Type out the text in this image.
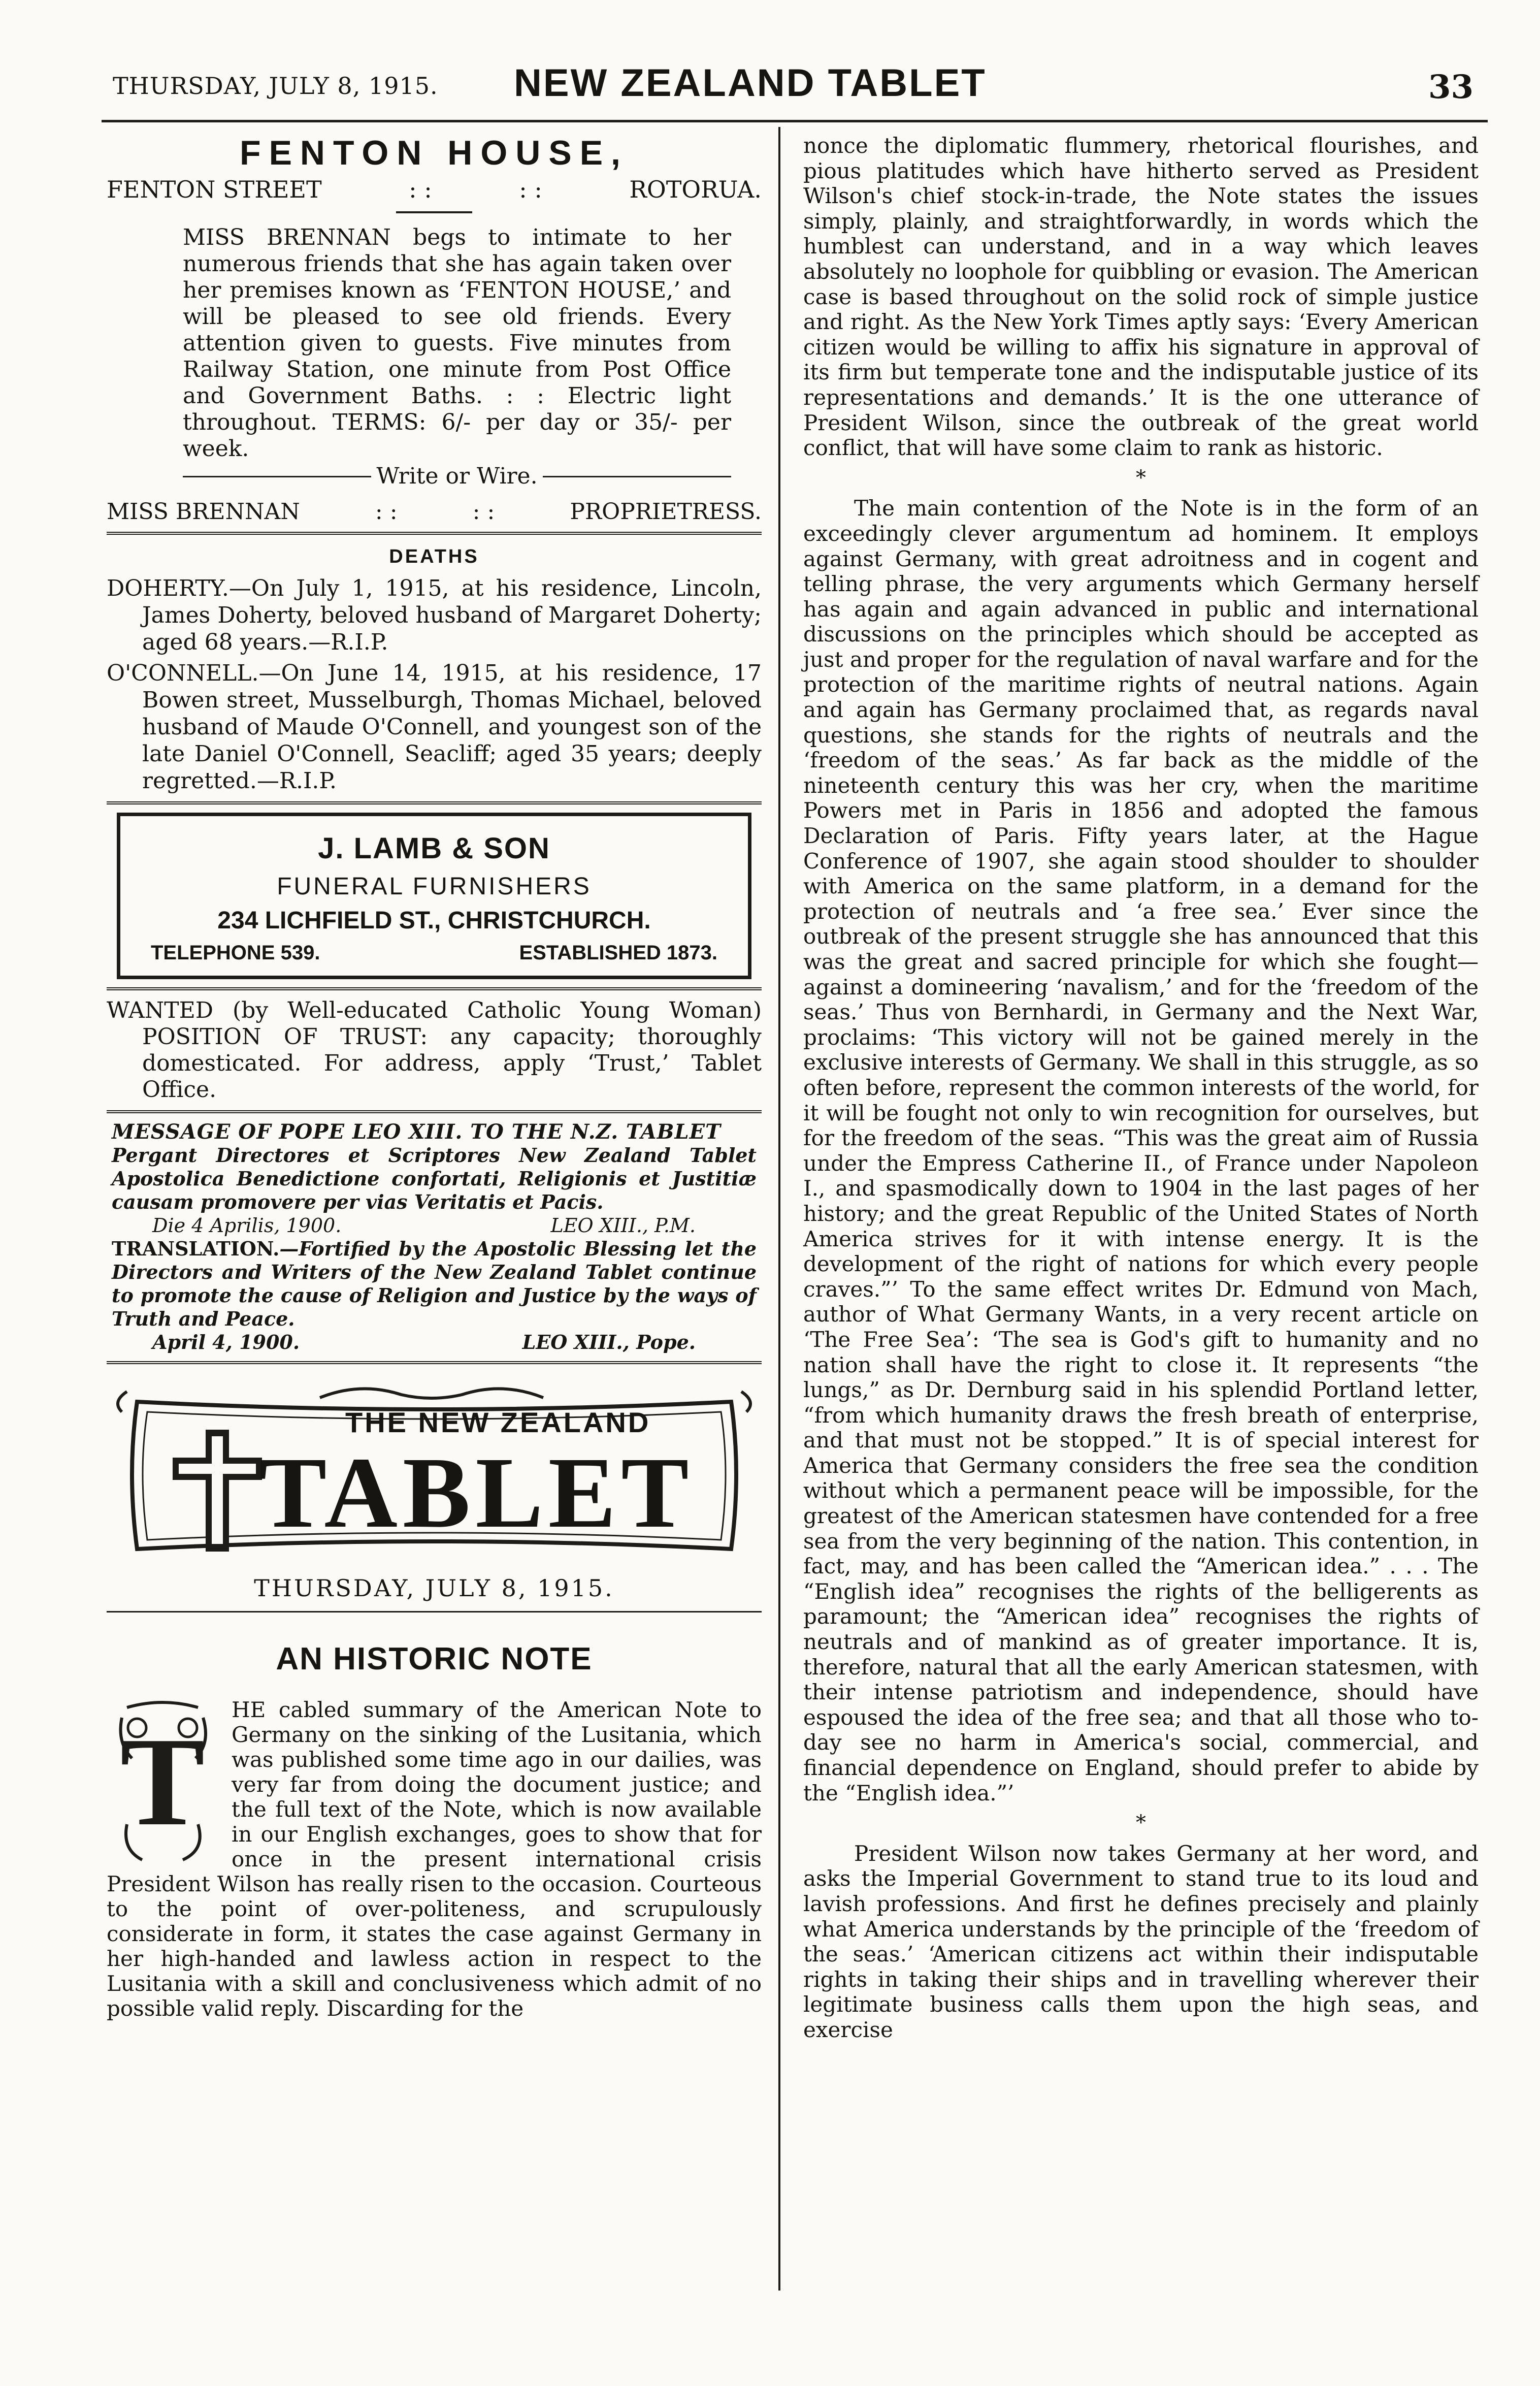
THURSDAY, JULY 8, 1915. NEW ZEALAND TABLET	33
FENTON HOUSE,
FENTON STREET	: :	: :	ROTORUA.

MISS BRENNAN begs to intimate to her numerous friends that she has again taken over her premises known as ‘FENTON HOUSE,’ and will be pleased to see old friends. Every attention given to guests. Five minutes from Railway Station, one minute from Post Office and Government Baths. : : Electric light throughout. TERMS: 6/- per day or 35/- per week.

Write or Wire.
MISS BRENNAN	: :	: :	PROPRIETRESS.
DEATHS

DOHERTY.—On July 1, 1915, at his residence, Lincoln, James Doherty, beloved husband of Margaret Doherty; aged 68 years.—R.I.P.

O'CONNELL.—On June 14, 1915, at his residence, 17 Bowen street, Musselburgh, Thomas Michael, beloved husband of Maude O'Connell, and youngest son of the late Daniel O'Connell, Seacliff; aged 35 years; deeply regretted.—R.I.P.

J. LAMB & SON
FUNERAL FURNISHERS
234 LICHFIELD ST., CHRISTCHURCH.
TELEPHONE 539.	ESTABLISHED 1873.

WANTED (by Well-educated Catholic Young Woman) POSITION OF TRUST: any capacity; thoroughly domesticated. For address, apply ‘Trust,’ Tablet Office.

MESSAGE OF POPE LEO XIII. TO THE N.Z. TABLET

Pergant Directores et Scriptores New Zealand Tablet Apostolica Benedictione confortati, Religionis et Justitiæ causam promovere per vias Veritatis et Pacis.

Die 4 Aprilis, 1900.	LEO XIII., P.M.

TRANSLATION.—Fortified by the Apostolic Blessing let the Directors and Writers of the New Zealand Tablet continue to promote the cause of Religion and Justice by the ways of Truth and Peace.

April 4, 1900.	LEO XIII., Pope.
THE NEW ZEALAND
TABLET
THURSDAY, JULY 8, 1915.
AN HISTORIC NOTE
T

HE cabled summary of the American Note to Germany on the sinking of the Lusitania, which was published some time ago in our dailies, was very far from doing the document justice; and the full text of the Note, which is now available in our English exchanges, goes to show that for once in the present international crisis President Wilson has really risen to the occasion. Courteous to the point of over-politeness, and scrupulously considerate in form, it states the case against Germany in her high-handed and lawless action in respect to the Lusitania with a skill and conclusiveness which admit of no possible valid reply. Discarding for the

nonce the diplomatic flummery, rhetorical flourishes, and pious platitudes which have hitherto served as President Wilson's chief stock-in-trade, the Note states the issues simply, plainly, and straightforwardly, in words which the humblest can understand, and in a way which leaves absolutely no loophole for quibbling or evasion. The American case is based throughout on the solid rock of simple justice and right. As the New York Times aptly says: ‘Every American citizen would be willing to affix his signature in approval of its firm but temperate tone and the indisputable justice of its representations and demands.’ It is the one utterance of President Wilson, since the outbreak of the great world conflict, that will have some claim to rank as historic.

*

The main contention of the Note is in the form of an exceedingly clever argumentum ad hominem. It employs against Germany, with great adroitness and in cogent and telling phrase, the very arguments which Germany herself has again and again advanced in public and international discussions on the principles which should be accepted as just and proper for the regulation of naval warfare and for the protection of the maritime rights of neutral nations. Again and again has Germany proclaimed that, as regards naval questions, she stands for the rights of neutrals and the ‘freedom of the seas.’ As far back as the middle of the nineteenth century this was her cry, when the maritime Powers met in Paris in 1856 and adopted the famous Declaration of Paris. Fifty years later, at the Hague Conference of 1907, she again stood shoulder to shoulder with America on the same platform, in a demand for the protection of neutrals and ‘a free sea.’ Ever since the outbreak of the present struggle she has announced that this was the great and sacred principle for which she fought—against a domineering ‘navalism,’ and for the ‘freedom of the seas.’ Thus von Bernhardi, in Germany and the Next War, proclaims: ‘This victory will not be gained merely in the exclusive interests of Germany. We shall in this struggle, as so often before, represent the common interests of the world, for it will be fought not only to win recognition for ourselves, but for the freedom of the seas. “This was the great aim of Russia under the Empress Catherine II., of France under Napoleon I., and spasmodically down to 1904 in the last pages of her history; and the great Republic of the United States of North America strives for it with intense energy. It is the development of the right of nations for which every people craves.”’ To the same effect writes Dr. Edmund von Mach, author of What Germany Wants, in a very recent article on ‘The Free Sea’: ‘The sea is God's gift to humanity and no nation shall have the right to close it. It represents “the lungs,” as Dr. Dernburg said in his splendid Portland letter, “from which humanity draws the fresh breath of enterprise, and that must not be stopped.” It is of special interest for America that Germany considers the free sea the condition without which a permanent peace will be impossible, for the greatest of the American statesmen have contended for a free sea from the very beginning of the nation. This contention, in fact, may, and has been called the “American idea.” . . . The “English idea” recognises the rights of the belligerents as paramount; the “American idea” recognises the rights of neutrals and of mankind as of greater importance. It is, therefore, natural that all the early American statesmen, with their intense patriotism and independence, should have espoused the idea of the free sea; and that all those who to-day see no harm in America's social, commercial, and financial dependence on England, should prefer to abide by the “English idea.”’

*

President Wilson now takes Germany at her word, and asks the Imperial Government to stand true to its loud and lavish professions. And first he defines precisely and plainly what America understands by the principle of the ‘freedom of the seas.’ ‘American citizens act within their indisputable rights in taking their ships and in travelling wherever their legitimate business calls them upon the high seas, and exercise
